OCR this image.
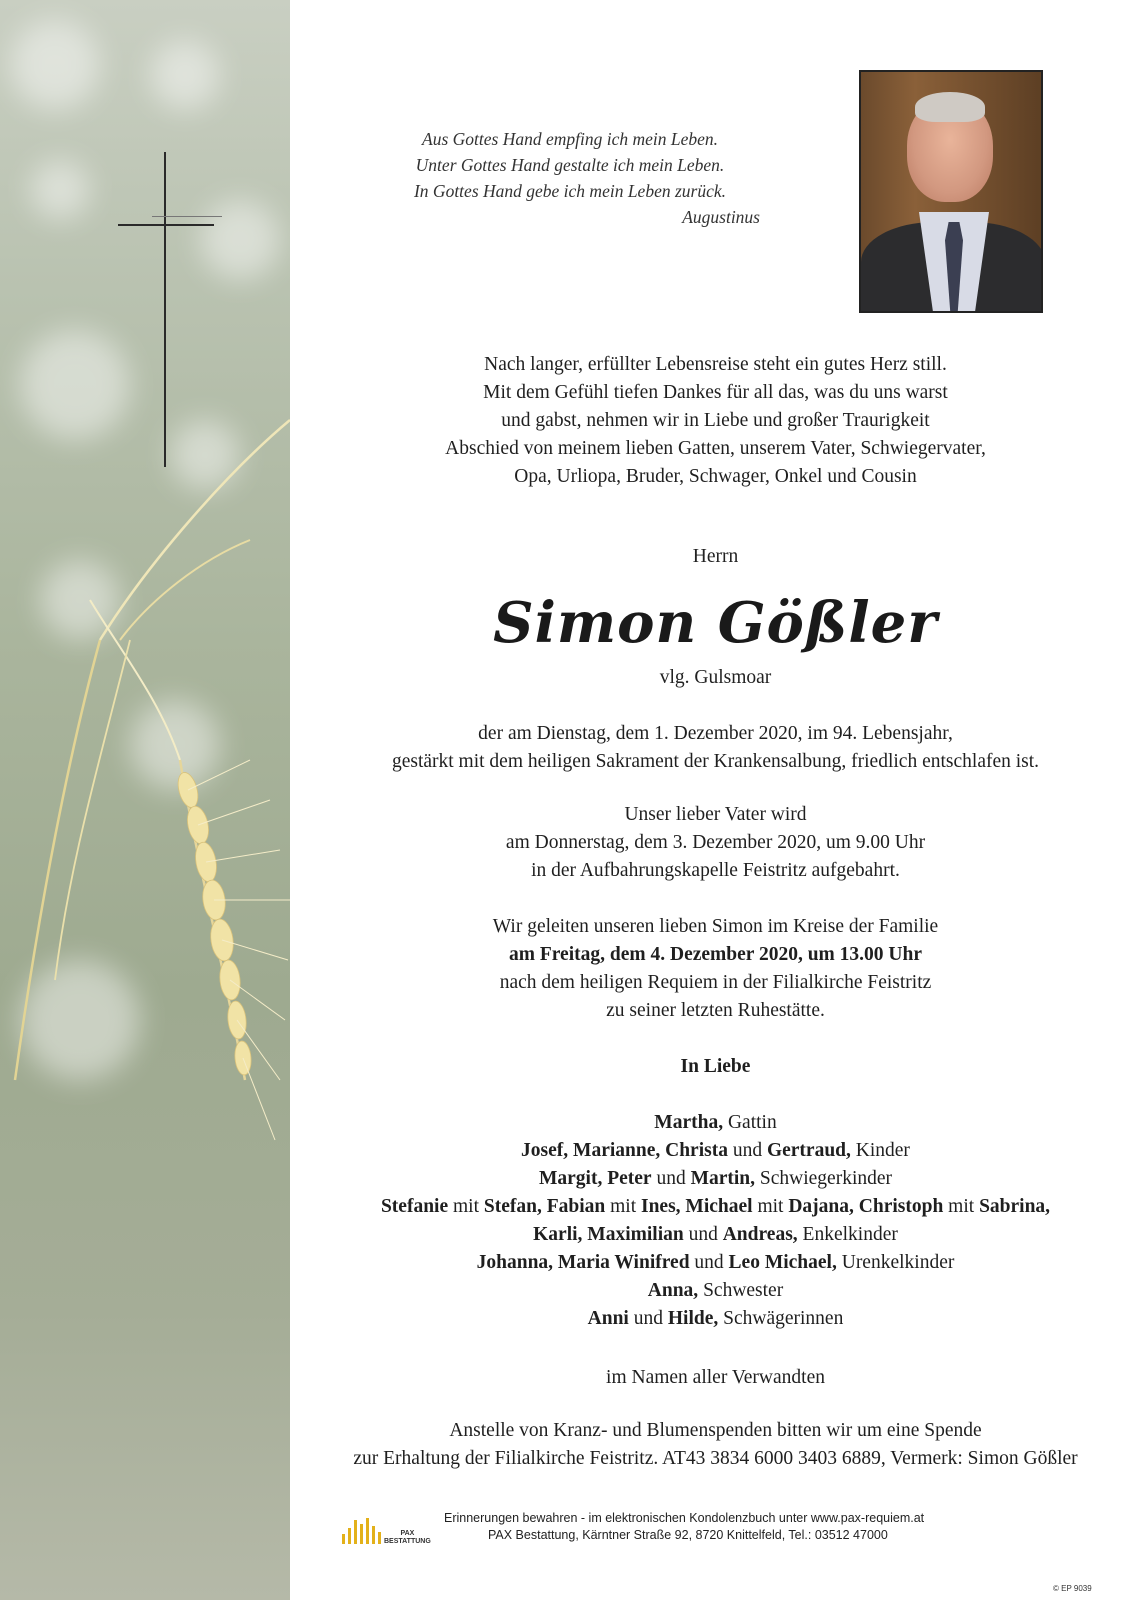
Aus Gottes Hand empfing ich mein Leben.
Unter Gottes Hand gestalte ich mein Leben.
In Gottes Hand gebe ich mein Leben zurück.
Augustinus

Nach langer, erfüllter Lebensreise steht ein gutes Herz still.

Mit dem Gefühl tiefen Dankes für all das, was du uns warst

und gabst, nehmen wir in Liebe und großer Traurigkeit

Abschied von meinem lieben Gatten, unserem Vater, Schwiegervater,

Opa, Urliopa, Bruder, Schwager, Onkel und Cousin

Herrn
Simon Gößler
vlg. Gulsmoar

der am Dienstag, dem 1. Dezember 2020, im 94. Lebensjahr,

gestärkt mit dem heiligen Sakrament der Krankensalbung, friedlich entschlafen ist.

Unser lieber Vater wird

am Donnerstag, dem 3. Dezember 2020, um 9.00 Uhr

in der Aufbahrungskapelle Feistritz aufgebahrt.

Wir geleiten unseren lieben Simon im Kreise der Familie

am Freitag, dem 4. Dezember 2020, um 13.00 Uhr

nach dem heiligen Requiem in der Filialkirche Feistritz

zu seiner letzten Ruhestätte.

In Liebe

Martha, Gattin

Josef, Marianne, Christa und Gertraud, Kinder

Margit, Peter und Martin, Schwiegerkinder

Stefanie mit Stefan, Fabian mit Ines, Michael mit Dajana, Christoph mit Sabrina,

Karli, Maximilian und Andreas, Enkelkinder

Johanna, Maria Winifred und Leo Michael, Urenkelkinder

Anna, Schwester

Anni und Hilde, Schwägerinnen

im Namen aller Verwandten

Anstelle von Kranz- und Blumenspenden bitten wir um eine Spende

zur Erhaltung der Filialkirche Feistritz. AT43 3834 6000 3403 6889, Vermerk: Simon Gößler

PAX
BESTATTUNG
Erinnerungen bewahren - im elektronischen Kondolenzbuch unter www.pax-requiem.at
PAX Bestattung, Kärntner Straße 92, 8720 Knittelfeld, Tel.: 03512 47000
© EP 9039
